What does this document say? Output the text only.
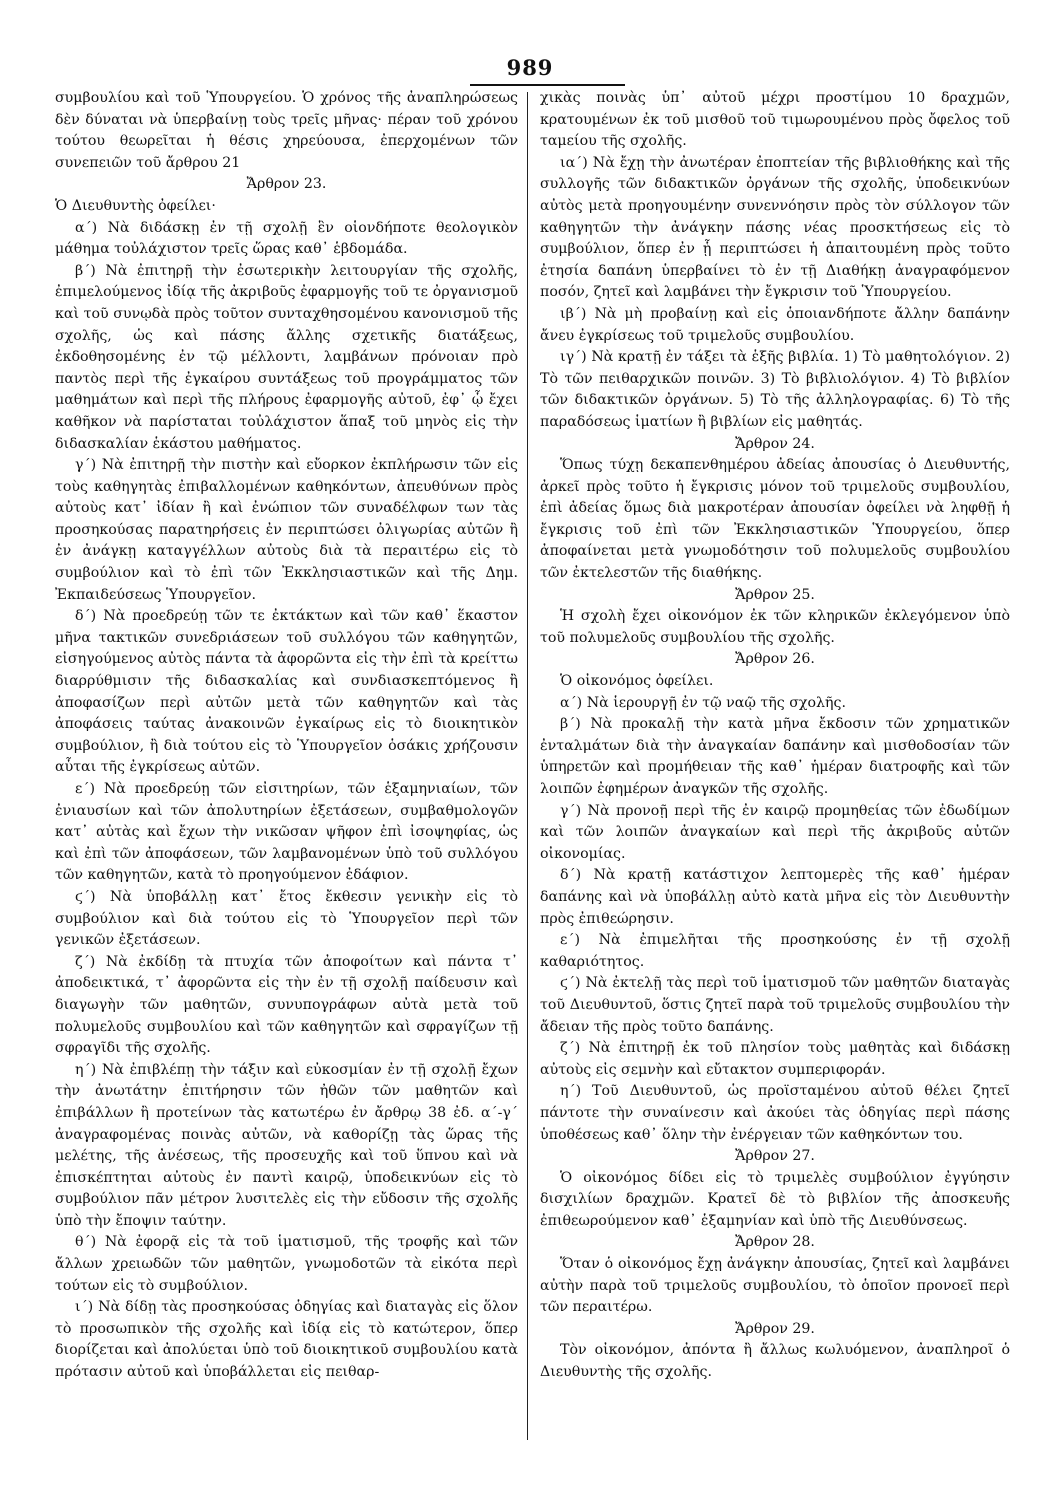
989

συμβουλίου καὶ τοῦ Ὑπουργείου. Ὁ χρόνος τῆς ἀναπληρώσεως δὲν δύναται νὰ ὑπερβαίνῃ τοὺς τρεῖς μῆνας· πέραν τοῦ χρόνου τούτου θεωρεῖται ἡ θέσις χηρεύουσα, ἐπερχομένων τῶν συνεπειῶν τοῦ ἄρθρου 21

Ἄρθρον 23.

Ὁ Διευθυντὴς ὀφείλει·

α΄) Νὰ διδάσκῃ ἐν τῇ σχολῇ ἓν οἱονδήποτε θεολογικὸν μάθημα τοὐλάχιστον τρεῖς ὥρας καθ᾽ ἑβδομάδα.

β΄) Νὰ ἐπιτηρῇ τὴν ἐσωτερικὴν λειτουργίαν τῆς σχολῆς, ἐπιμελούμενος ἰδίᾳ τῆς ἀκριβοῦς ἐφαρμογῆς τοῦ τε ὀργανισμοῦ καὶ τοῦ συνῳδὰ πρὸς τοῦτον συνταχθησομένου κανονισμοῦ τῆς σχολῆς, ὡς καὶ πάσης ἄλλης σχετικῆς διατάξεως, ἐκδοθησομένης ἐν τῷ μέλλοντι, λαμβάνων πρόνοιαν πρὸ παντὸς περὶ τῆς ἐγκαίρου συντάξεως τοῦ προγράμματος τῶν μαθημάτων καὶ περὶ τῆς πλήρους ἐφαρμογῆς αὐτοῦ, ἐφ᾽ ᾧ ἔχει καθῆκον νὰ παρίσταται τοὐλάχιστον ἅπαξ τοῦ μηνὸς εἰς τὴν διδασκαλίαν ἑκάστου μαθήματος.

γ΄) Νὰ ἐπιτηρῇ τὴν πιστὴν καὶ εὔορκον ἐκπλήρωσιν τῶν εἰς τοὺς καθηγητὰς ἐπιβαλλομένων καθηκόντων, ἀπευθύνων πρὸς αὐτοὺς κατ᾽ ἰδίαν ἢ καὶ ἐνώπιον τῶν συναδέλφων των τὰς προσηκούσας παρατηρήσεις ἐν περιπτώσει ὀλιγωρίας αὐτῶν ἢ ἐν ἀνάγκῃ καταγγέλλων αὐτοὺς διὰ τὰ περαιτέρω εἰς τὸ συμβούλιον καὶ τὸ ἐπὶ τῶν Ἐκκλησιαστικῶν καὶ τῆς Δημ. Ἐκπαιδεύσεως Ὑπουργεῖον.

δ΄) Νὰ προεδρεύῃ τῶν τε ἐκτάκτων καὶ τῶν καθ᾽ ἕκαστον μῆνα τακτικῶν συνεδριάσεων τοῦ συλλόγου τῶν καθηγητῶν, εἰσηγούμενος αὐτὸς πάντα τὰ ἀφορῶντα εἰς τὴν ἐπὶ τὰ κρείττω διαρρύθμισιν τῆς διδασκαλίας καὶ συνδιασκεπτόμενος ἢ ἀποφασίζων περὶ αὐτῶν μετὰ τῶν καθηγητῶν καὶ τὰς ἀποφάσεις ταύτας ἀνακοινῶν ἐγκαίρως εἰς τὸ διοικητικὸν συμβούλιον, ἢ διὰ τούτου εἰς τὸ Ὑπουργεῖον ὁσάκις χρήζουσιν αὗται τῆς ἐγκρίσεως αὐτῶν.

ε΄) Νὰ προεδρεύῃ τῶν εἰσιτηρίων, τῶν ἑξαμηνιαίων, τῶν ἐνιαυσίων καὶ τῶν ἀπολυτηρίων ἐξετάσεων, συμβαθμολογῶν κατ᾽ αὐτὰς καὶ ἔχων τὴν νικῶσαν ψῆφον ἐπὶ ἰσοψηφίας, ὡς καὶ ἐπὶ τῶν ἀποφάσεων, τῶν λαμβανομένων ὑπὸ τοῦ συλλόγου τῶν καθηγητῶν, κατὰ τὸ προηγούμενον ἐδάφιον.

ϛ΄) Νὰ ὑποβάλλῃ κατ᾽ ἔτος ἔκθεσιν γενικὴν εἰς τὸ συμβούλιον καὶ διὰ τούτου εἰς τὸ Ὑπουργεῖον περὶ τῶν γενικῶν ἐξετάσεων.

ζ΄) Νὰ ἐκδίδῃ τὰ πτυχία τῶν ἀποφοίτων καὶ πάντα τ᾽ ἀποδεικτικά, τ᾽ ἀφορῶντα εἰς τὴν ἐν τῇ σχολῇ παίδευσιν καὶ διαγωγὴν τῶν μαθητῶν, συνυπογράφων αὐτὰ μετὰ τοῦ πολυμελοῦς συμβουλίου καὶ τῶν καθηγητῶν καὶ σφραγίζων τῇ σφραγῖδι τῆς σχολῆς.

η΄) Νὰ ἐπιβλέπῃ τὴν τάξιν καὶ εὐκοσμίαν ἐν τῇ σχολῇ ἔχων τὴν ἀνωτάτην ἐπιτήρησιν τῶν ἠθῶν τῶν μαθητῶν καὶ ἐπιβάλλων ἢ προτείνων τὰς κατωτέρω ἐν ἄρθρῳ 38 ἐδ. α΄-γ΄ ἀναγραφομένας ποινὰς αὐτῶν, νὰ καθορίζῃ τὰς ὥρας τῆς μελέτης, τῆς ἀνέσεως, τῆς προσευχῆς καὶ τοῦ ὕπνου καὶ νὰ ἐπισκέπτηται αὐτοὺς ἐν παντὶ καιρῷ, ὑποδεικνύων εἰς τὸ συμβούλιον πᾶν μέτρον λυσιτελὲς εἰς τὴν εὔδοσιν τῆς σχολῆς ὑπὸ τὴν ἔποψιν ταύτην.

θ΄) Νὰ ἐφορᾷ εἰς τὰ τοῦ ἱματισμοῦ, τῆς τροφῆς καὶ τῶν ἄλλων χρειωδῶν τῶν μαθητῶν, γνωμοδοτῶν τὰ εἰκότα περὶ τούτων εἰς τὸ συμβούλιον.

ι΄) Νὰ δίδῃ τὰς προσηκούσας ὁδηγίας καὶ διαταγὰς εἰς ὅλον τὸ προσωπικὸν τῆς σχολῆς καὶ ἰδίᾳ εἰς τὸ κατώτερον, ὅπερ διορίζεται καὶ ἀπολύεται ὑπὸ τοῦ διοικητικοῦ συμβουλίου κατὰ πρότασιν αὐτοῦ καὶ ὑποβάλλεται εἰς πειθαρ-

χικὰς ποινὰς ὑπ᾽ αὐτοῦ μέχρι προστίμου 10 δραχμῶν, κρατουμένων ἐκ τοῦ μισθοῦ τοῦ τιμωρουμένου πρὸς ὄφελος τοῦ ταμείου τῆς σχολῆς.

ια΄) Νὰ ἔχῃ τὴν ἀνωτέραν ἐποπτείαν τῆς βιβλιοθήκης καὶ τῆς συλλογῆς τῶν διδακτικῶν ὀργάνων τῆς σχολῆς, ὑποδεικνύων αὐτὸς μετὰ προηγουμένην συνεννόησιν πρὸς τὸν σύλλογον τῶν καθηγητῶν τὴν ἀνάγκην πάσης νέας προσκτήσεως εἰς τὸ συμβούλιον, ὅπερ ἐν ᾗ περιπτώσει ἡ ἀπαιτουμένη πρὸς τοῦτο ἐτησία δαπάνη ὑπερβαίνει τὸ ἐν τῇ Διαθήκῃ ἀναγραφόμενον ποσόν, ζητεῖ καὶ λαμβάνει τὴν ἔγκρισιν τοῦ Ὑπουργείου.

ιβ΄) Νὰ μὴ προβαίνῃ καὶ εἰς ὁποιανδήποτε ἄλλην δαπάνην ἄνευ ἐγκρίσεως τοῦ τριμελοῦς συμβουλίου.

ιγ΄) Νὰ κρατῇ ἐν τάξει τὰ ἑξῆς βιβλία. 1) Τὸ μαθητολόγιον. 2) Τὸ τῶν πειθαρχικῶν ποινῶν. 3) Τὸ βιβλιολόγιον. 4) Τὸ βιβλίον τῶν διδακτικῶν ὀργάνων. 5) Τὸ τῆς ἀλληλογραφίας. 6) Τὸ τῆς παραδόσεως ἱματίων ἢ βιβλίων εἰς μαθητάς.

Ἄρθρον 24.

Ὅπως τύχῃ δεκαπενθημέρου ἀδείας ἀπουσίας ὁ Διευθυντής, ἀρκεῖ πρὸς τοῦτο ἡ ἔγκρισις μόνον τοῦ τριμελοῦς συμβουλίου, ἐπὶ ἀδείας ὅμως διὰ μακροτέραν ἀπουσίαν ὀφείλει νὰ ληφθῇ ἡ ἔγκρισις τοῦ ἐπὶ τῶν Ἐκκλησιαστικῶν Ὑπουργείου, ὅπερ ἀποφαίνεται μετὰ γνωμοδότησιν τοῦ πολυμελοῦς συμβουλίου τῶν ἐκτελεστῶν τῆς διαθήκης.

Ἄρθρον 25.

Ἡ σχολὴ ἔχει οἰκονόμον ἐκ τῶν κληρικῶν ἐκλεγόμενον ὑπὸ τοῦ πολυμελοῦς συμβουλίου τῆς σχολῆς.

Ἄρθρον 26.

Ὁ οἰκονόμος ὀφείλει.

α΄) Νὰ ἱερουργῇ ἐν τῷ ναῷ τῆς σχολῆς.

β΄) Νὰ προκαλῇ τὴν κατὰ μῆνα ἔκδοσιν τῶν χρηματικῶν ἐνταλμάτων διὰ τὴν ἀναγκαίαν δαπάνην καὶ μισθοδοσίαν τῶν ὑπηρετῶν καὶ προμήθειαν τῆς καθ᾽ ἡμέραν διατροφῆς καὶ τῶν λοιπῶν ἐφημέρων ἀναγκῶν τῆς σχολῆς.

γ΄) Νὰ προνοῇ περὶ τῆς ἐν καιρῷ προμηθείας τῶν ἐδωδίμων καὶ τῶν λοιπῶν ἀναγκαίων καὶ περὶ τῆς ἀκριβοῦς αὐτῶν οἰκονομίας.

δ΄) Νὰ κρατῇ κατάστιχον λεπτομερὲς τῆς καθ᾽ ἡμέραν δαπάνης καὶ νὰ ὑποβάλλῃ αὐτὸ κατὰ μῆνα εἰς τὸν Διευθυντὴν πρὸς ἐπιθεώρησιν.

ε΄) Νὰ ἐπιμελῆται τῆς προσηκούσης ἐν τῇ σχολῇ καθαριότητος.

ϛ΄) Νὰ ἐκτελῇ τὰς περὶ τοῦ ἱματισμοῦ τῶν μαθητῶν διαταγὰς τοῦ Διευθυντοῦ, ὅστις ζητεῖ παρὰ τοῦ τριμελοῦς συμβουλίου τὴν ἄδειαν τῆς πρὸς τοῦτο δαπάνης.

ζ΄) Νὰ ἐπιτηρῇ ἐκ τοῦ πλησίον τοὺς μαθητὰς καὶ διδάσκῃ αὐτοὺς εἰς σεμνὴν καὶ εὔτακτον συμπεριφοράν.

η΄) Τοῦ Διευθυντοῦ, ὡς προϊσταμένου αὐτοῦ θέλει ζητεῖ πάντοτε τὴν συναίνεσιν καὶ ἀκούει τὰς ὁδηγίας περὶ πάσης ὑποθέσεως καθ᾽ ὅλην τὴν ἐνέργειαν τῶν καθηκόντων του.

Ἄρθρον 27.

Ὁ οἰκονόμος δίδει εἰς τὸ τριμελὲς συμβούλιον ἐγγύησιν δισχιλίων δραχμῶν. Κρατεῖ δὲ τὸ βιβλίον τῆς ἀποσκευῆς ἐπιθεωρούμενον καθ᾽ ἑξαμηνίαν καὶ ὑπὸ τῆς Διευθύνσεως.

Ἄρθρον 28.

Ὅταν ὁ οἰκονόμος ἔχῃ ἀνάγκην ἀπουσίας, ζητεῖ καὶ λαμβάνει αὐτὴν παρὰ τοῦ τριμελοῦς συμβουλίου, τὸ ὁποῖον προνοεῖ περὶ τῶν περαιτέρω.

Ἄρθρον 29.

Τὸν οἰκονόμον, ἀπόντα ἢ ἄλλως κωλυόμενον, ἀναπληροῖ ὁ Διευθυντὴς τῆς σχολῆς.
